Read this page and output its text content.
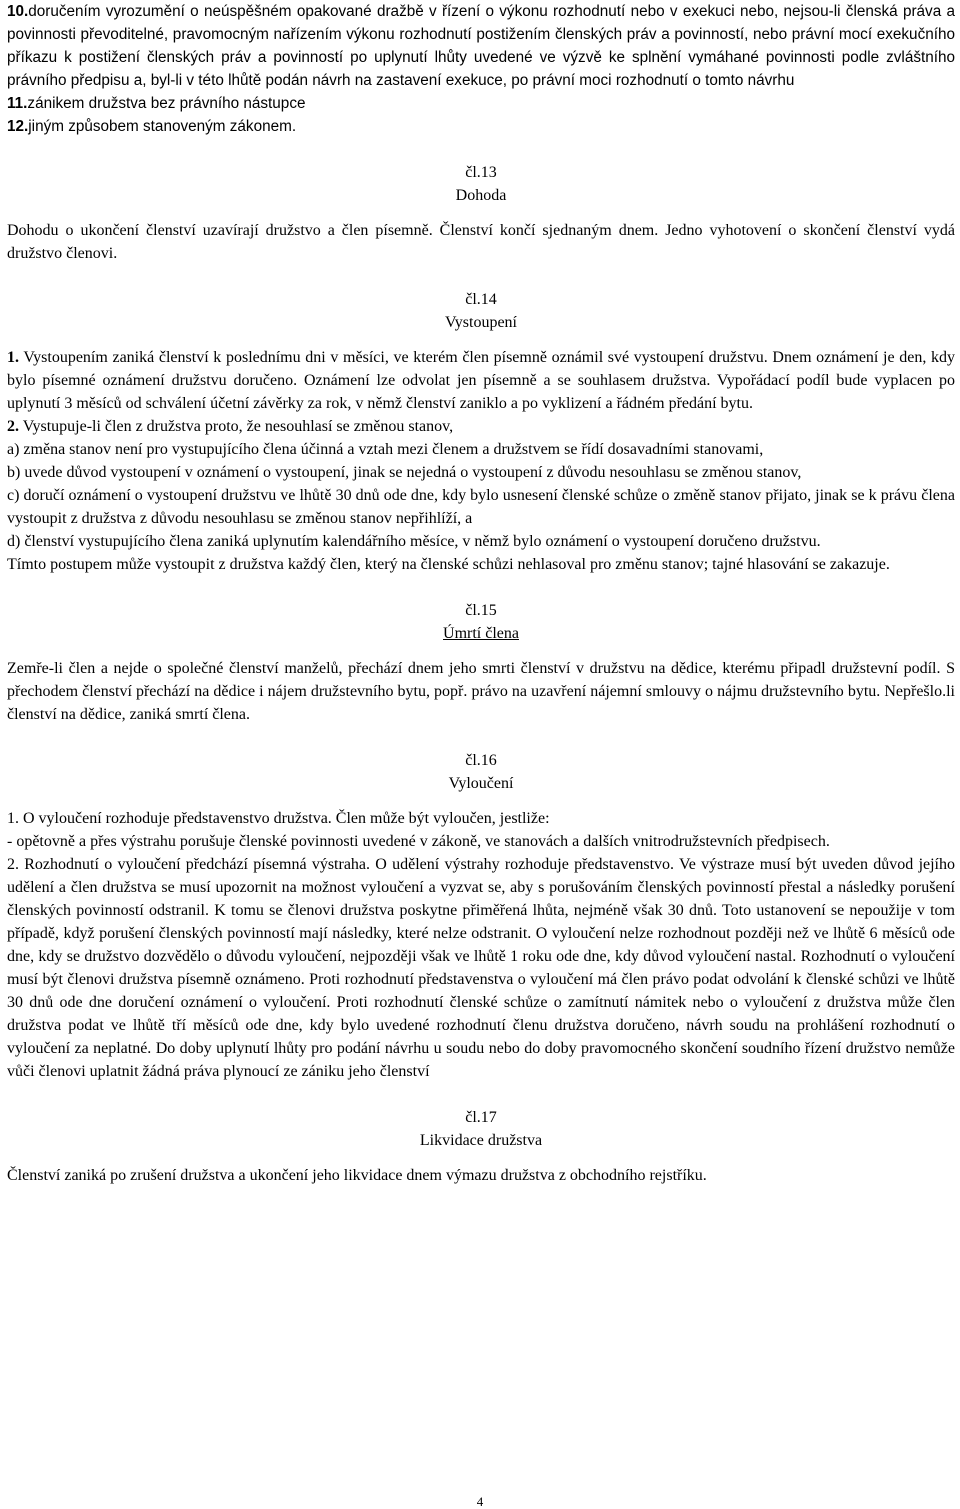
10.doručením vyrozumění o neúspěšném opakované dražbě v řízení o výkonu rozhodnutí nebo v exekuci nebo, nejsou-li členská práva a povinnosti převoditelné, pravomocným nařízením výkonu rozhodnutí postižením členských práv a povinností, nebo právní mocí exekučního příkazu k postižení členských práv a povinností po uplynutí lhůty uvedené ve výzvě ke splnění vymáhané povinnosti podle zvláštního právního předpisu a, byl-li v této lhůtě podán návrh na zastavení exekuce, po právní moci rozhodnutí o tomto návrhu

11.zánikem družstva bez právního nástupce

12.jiným způsobem stanoveným zákonem.

čl.13
Dohoda

Dohodu o ukončení členství uzavírají družstvo a člen písemně. Členství končí sjednaným dnem. Jedno vyhotovení o skončení členství vydá družstvo členovi.

čl.14
Vystoupení

1. Vystoupením zaniká členství k poslednímu dni v měsíci, ve kterém člen písemně oznámil své vystoupení družstvu. Dnem oznámení je den, kdy bylo písemné oznámení družstvu doručeno. Oznámení lze odvolat jen písemně a se souhlasem družstva. Vypořádací podíl bude vyplacen po uplynutí 3 měsíců od schválení účetní závěrky za rok, v němž členství zaniklo a po vyklizení a řádném předání bytu.

2. Vystupuje-li člen z družstva proto, že nesouhlasí se změnou stanov,

a) změna stanov není pro vystupujícího člena účinná a vztah mezi členem a družstvem se řídí dosavadními stanovami,

b) uvede důvod vystoupení v oznámení o vystoupení, jinak se nejedná o vystoupení z důvodu nesouhlasu se změnou stanov,

c) doručí oznámení o vystoupení družstvu ve lhůtě 30 dnů ode dne, kdy bylo usnesení členské schůze o změně stanov přijato, jinak se k právu člena vystoupit z družstva z důvodu nesouhlasu se změnou stanov nepřihlíží, a

d) členství vystupujícího člena zaniká uplynutím kalendářního měsíce, v němž bylo oznámení o vystoupení doručeno družstvu.

Tímto postupem může vystoupit z družstva každý člen, který na členské schůzi nehlasoval pro změnu stanov; tajné hlasování se zakazuje.

čl.15
Úmrtí člena

Zemře-li člen a nejde o společné členství manželů, přechází dnem jeho smrti členství v družstvu na dědice, kterému připadl družstevní podíl. S přechodem členství přechází na dědice i nájem družstevního bytu, popř. právo na uzavření nájemní smlouvy o nájmu družstevního bytu. Nepřešlo.li členství na dědice, zaniká smrtí člena.

čl.16
Vyloučení

1. O vyloučení rozhoduje představenstvo družstva. Člen může být vyloučen, jestliže:

- opětovně a přes výstrahu porušuje členské povinnosti uvedené v zákoně, ve stanovách a dalších vnitrodružstevních předpisech.

2. Rozhodnutí o vyloučení předchází písemná výstraha. O udělení výstrahy rozhoduje představenstvo. Ve výstraze musí být uveden důvod jejího udělení a člen družstva se musí upozornit na možnost vyloučení a vyzvat se, aby s porušováním členských povinností přestal a následky porušení členských povinností odstranil. K tomu se členovi družstva poskytne přiměřená lhůta, nejméně však 30 dnů. Toto ustanovení se nepoužije v tom případě, když porušení členských povinností mají následky, které nelze odstranit. O vyloučení nelze rozhodnout později než ve lhůtě 6 měsíců ode dne, kdy se družstvo dozvědělo o důvodu vyloučení, nejpozději však ve lhůtě 1 roku ode dne, kdy důvod vyloučení nastal. Rozhodnutí o vyloučení musí být členovi družstva písemně oznámeno. Proti rozhodnutí představenstva o vyloučení má člen právo podat odvolání k členské schůzi ve lhůtě 30 dnů ode dne doručení oznámení o vyloučení. Proti rozhodnutí členské schůze o zamítnutí námitek nebo o vyloučení z družstva může člen družstva podat ve lhůtě tří měsíců ode dne, kdy bylo uvedené rozhodnutí členu družstva doručeno, návrh soudu na prohlášení rozhodnutí o vyloučení za neplatné. Do doby uplynutí lhůty pro podání návrhu u soudu nebo do doby pravomocného skončení soudního řízení družstvo nemůže vůči členovi uplatnit žádná práva plynoucí ze zániku jeho členství

čl.17
Likvidace družstva

Členství zaniká po zrušení družstva a ukončení jeho likvidace dnem výmazu družstva z obchodního rejstříku.

4
